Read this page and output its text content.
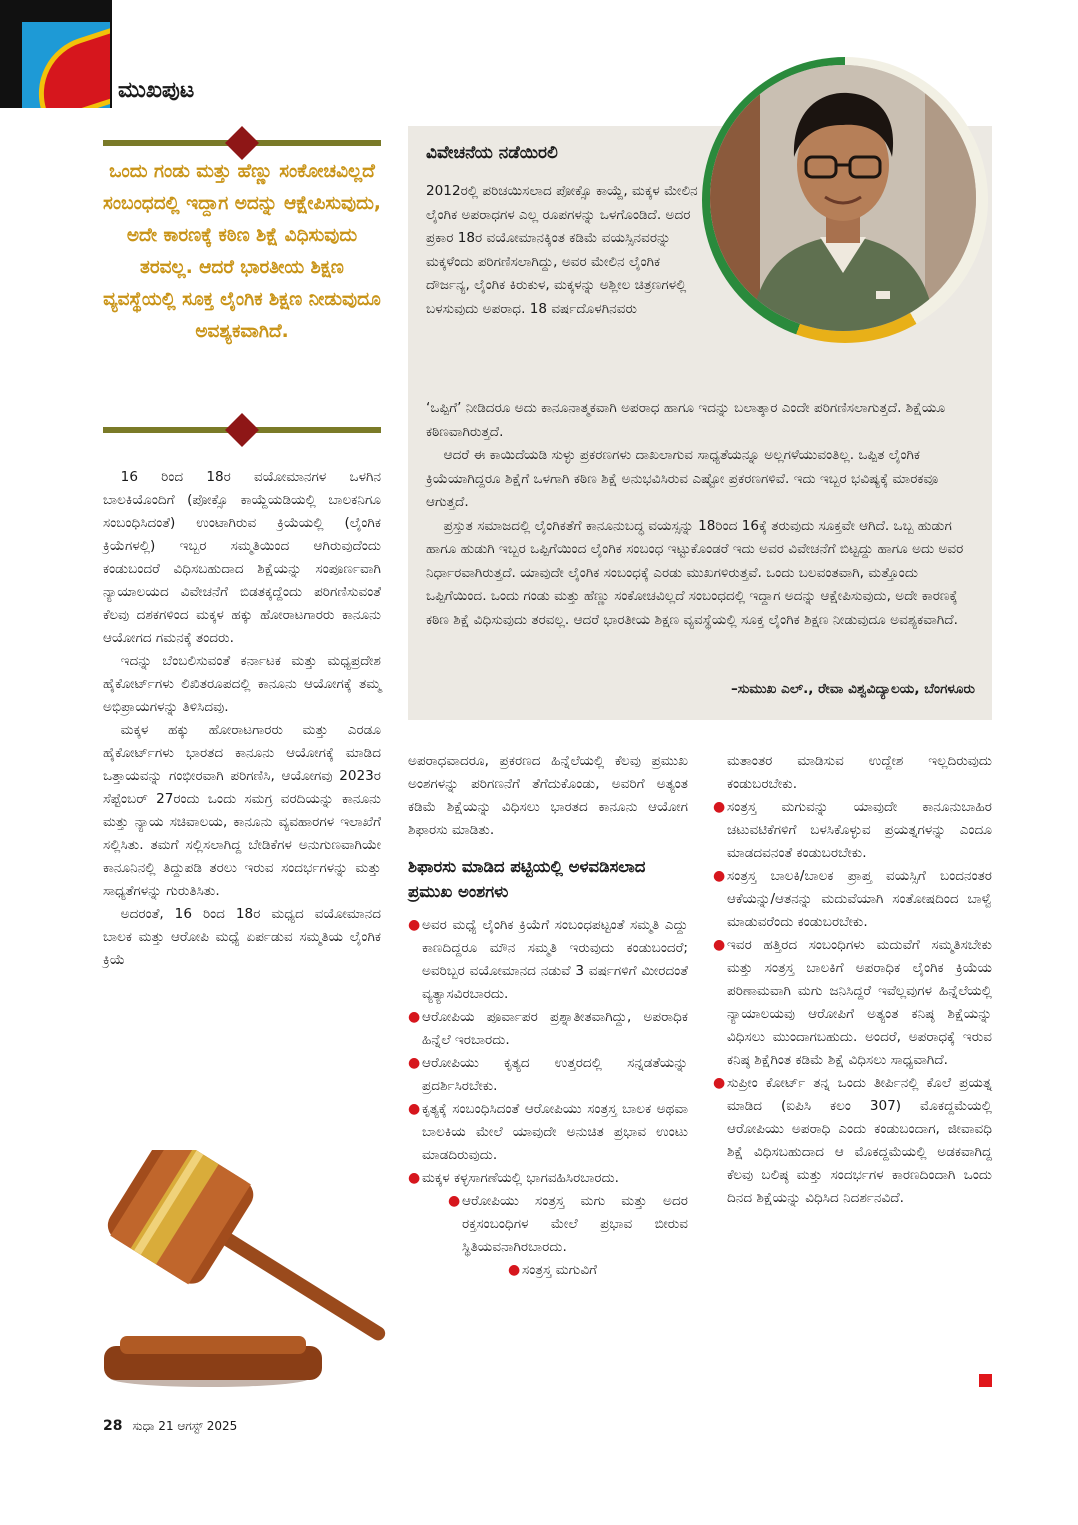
ಮುಖಪುಟ
ಒಂದು ಗಂಡು ಮತ್ತು ಹೆಣ್ಣು ಸಂಕೋಚವಿಲ್ಲದೆ ಸಂಬಂಧದಲ್ಲಿ ಇದ್ದಾಗ ಅದನ್ನು ಆಕ್ಷೇಪಿಸುವುದು, ಅದೇ ಕಾರಣಕ್ಕೆ ಕಠಿಣ ಶಿಕ್ಷೆ ವಿಧಿಸುವುದು ತರವಲ್ಲ. ಆದರೆ ಭಾರತೀಯ ಶಿಕ್ಷಣ ವ್ಯವಸ್ಥೆಯಲ್ಲಿ ಸೂಕ್ತ ಲೈಂಗಿಕ ಶಿಕ್ಷಣ ನೀಡುವುದೂ ಅವಶ್ಯಕವಾಗಿದೆ.

16 ರಿಂದ 18ರ ವಯೋಮಾನಗಳ ಒಳಗಿನ ಬಾಲಕಿಯೊಂದಿಗೆ (ಪೋಕ್ಸೊ ಕಾಯ್ದೆಯಡಿಯಲ್ಲಿ ಬಾಲಕನಿಗೂ ಸಂಬಂಧಿಸಿದಂತೆ) ಉಂಟಾಗಿರುವ ಕ್ರಿಯೆಯಲ್ಲಿ (ಲೈಂಗಿಕ ಕ್ರಿಯೆಗಳಲ್ಲಿ) ಇಬ್ಬರ ಸಮ್ಮತಿಯಿಂದ ಆಗಿರುವುದೆಂದು ಕಂಡುಬಂದರೆ ವಿಧಿಸಬಹುದಾದ ಶಿಕ್ಷೆಯನ್ನು ಸಂಪೂರ್ಣವಾಗಿ ನ್ಯಾಯಾಲಯದ ವಿವೇಚನೆಗೆ ಬಿಡತಕ್ಕದ್ದೆಂದು ಪರಿಗಣಿಸುವಂತೆ ಕೆಲವು ದಶಕಗಳಿಂದ ಮಕ್ಕಳ ಹಕ್ಕು ಹೋರಾಟಗಾರರು ಕಾನೂನು ಆಯೋಗದ ಗಮನಕ್ಕೆ ತಂದರು.

ಇದನ್ನು ಬೆಂಬಲಿಸುವಂತೆ ಕರ್ನಾಟಕ ಮತ್ತು ಮಧ್ಯಪ್ರದೇಶ ಹೈಕೋರ್ಟ್‌ಗಳು ಲಿಖಿತರೂಪದಲ್ಲಿ ಕಾನೂನು ಆಯೋಗಕ್ಕೆ ತಮ್ಮ ಅಭಿಪ್ರಾಯಗಳನ್ನು ತಿಳಿಸಿದವು.

ಮಕ್ಕಳ ಹಕ್ಕು ಹೋರಾಟಗಾರರು ಮತ್ತು ಎರಡೂ ಹೈಕೋರ್ಟ್‌ಗಳು ಭಾರತದ ಕಾನೂನು ಆಯೋಗಕ್ಕೆ ಮಾಡಿದ ಒತ್ತಾಯವನ್ನು ಗಂಭೀರವಾಗಿ ಪರಿಗಣಿಸಿ, ಆಯೋಗವು 2023ರ ಸೆಪ್ಟೆಂಬರ್ 27ರಂದು ಒಂದು ಸಮಗ್ರ ವರದಿಯನ್ನು ಕಾನೂನು ಮತ್ತು ನ್ಯಾಯ ಸಚಿವಾಲಯ, ಕಾನೂನು ವ್ಯವಹಾರಗಳ ಇಲಾಖೆಗೆ ಸಲ್ಲಿಸಿತು. ತಮಗೆ ಸಲ್ಲಿಸಲಾಗಿದ್ದ ಬೇಡಿಕೆಗಳ ಅನುಗುಣವಾಗಿಯೇ ಕಾನೂನಿನಲ್ಲಿ ತಿದ್ದುಪಡಿ ತರಲು ಇರುವ ಸಂದರ್ಭಗಳನ್ನು ಮತ್ತು ಸಾಧ್ಯತೆಗಳನ್ನು ಗುರುತಿಸಿತು.

ಅದರಂತೆ, 16 ರಿಂದ 18ರ ಮಧ್ಯದ ವಯೋಮಾನದ ಬಾಲಕ ಮತ್ತು ಆರೋಪಿ ಮಧ್ಯೆ ಏರ್ಪಡುವ ಸಮ್ಮತಿಯ ಲೈಂಗಿಕ ಕ್ರಿಯೆ

ವಿವೇಚನೆಯ ನಡೆಯಿರಲಿ
2012ರಲ್ಲಿ ಪರಿಚಯಿಸಲಾದ ಪೋಕ್ಸೊ ಕಾಯ್ದೆ, ಮಕ್ಕಳ ಮೇಲಿನ ಲೈಂಗಿಕ ಅಪರಾಧಗಳ ಎಲ್ಲ ರೂಪಗಳನ್ನು ಒಳಗೊಂಡಿದೆ. ಅದರ ಪ್ರಕಾರ 18ರ ವಯೋಮಾನಕ್ಕಿಂತ ಕಡಿಮೆ ವಯಸ್ಸಿನವರನ್ನು ಮಕ್ಕಳೆಂದು ಪರಿಗಣಿಸಲಾಗಿದ್ದು, ಅವರ ಮೇಲಿನ ಲೈಂಗಿಕ ದೌರ್ಜನ್ಯ, ಲೈಂಗಿಕ ಕಿರುಕುಳ, ಮಕ್ಕಳನ್ನು ಅಶ್ಲೀಲ ಚಿತ್ರಣಗಳಲ್ಲಿ ಬಳಸುವುದು ಅಪರಾಧ. 18 ವರ್ಷದೊಳಗಿನವರು

‘ಒಪ್ಪಿಗೆ’ ನೀಡಿದರೂ ಅದು ಕಾನೂನಾತ್ಮಕವಾಗಿ ಅಪರಾಧ ಹಾಗೂ ಇದನ್ನು ಬಲಾತ್ಕಾರ ಎಂದೇ ಪರಿಗಣಿಸಲಾಗುತ್ತದೆ. ಶಿಕ್ಷೆಯೂ ಕಠಿಣವಾಗಿರುತ್ತದೆ.

ಆದರೆ ಈ ಕಾಯಿದೆಯಡಿ ಸುಳ್ಳು ಪ್ರಕರಣಗಳು ದಾಖಲಾಗುವ ಸಾಧ್ಯತೆಯನ್ನೂ ಅಲ್ಲಗಳೆಯುವಂತಿಲ್ಲ. ಒಪ್ಪಿತ ಲೈಂಗಿಕ ಕ್ರಿಯೆಯಾಗಿದ್ದರೂ ಶಿಕ್ಷೆಗೆ ಒಳಗಾಗಿ ಕಠಿಣ ಶಿಕ್ಷೆ ಅನುಭವಿಸಿರುವ ಎಷ್ಟೋ ಪ್ರಕರಣಗಳಿವೆ. ಇದು ಇಬ್ಬರ ಭವಿಷ್ಯಕ್ಕೆ ಮಾರಕವೂ ಆಗುತ್ತದೆ.

ಪ್ರಸ್ತುತ ಸಮಾಜದಲ್ಲಿ ಲೈಂಗಿಕತೆಗೆ ಕಾನೂನುಬದ್ಧ ವಯಸ್ಸನ್ನು 18ರಿಂದ 16ಕ್ಕೆ ತರುವುದು ಸೂಕ್ತವೇ ಆಗಿದೆ. ಒಬ್ಬ ಹುಡುಗ ಹಾಗೂ ಹುಡುಗಿ ಇಬ್ಬರ ಒಪ್ಪಿಗೆಯಿಂದ ಲೈಂಗಿಕ ಸಂಬಂಧ ಇಟ್ಟುಕೊಂಡರೆ ಇದು ಅವರ ವಿವೇಚನೆಗೆ ಬಿಟ್ಟದ್ದು ಹಾಗೂ ಅದು ಅವರ ನಿರ್ಧಾರವಾಗಿರುತ್ತದೆ. ಯಾವುದೇ ಲೈಂಗಿಕ ಸಂಬಂಧಕ್ಕೆ ಎರಡು ಮುಖಗಳಿರುತ್ತವೆ. ಒಂದು ಬಲವಂತವಾಗಿ, ಮತ್ತೊಂದು ಒಪ್ಪಿಗೆಯಿಂದ. ಒಂದು ಗಂಡು ಮತ್ತು ಹೆಣ್ಣು ಸಂಕೋಚವಿಲ್ಲದೆ ಸಂಬಂಧದಲ್ಲಿ ಇದ್ದಾಗ ಅದನ್ನು ಆಕ್ಷೇಪಿಸುವುದು, ಅದೇ ಕಾರಣಕ್ಕೆ ಕಠಿಣ ಶಿಕ್ಷೆ ವಿಧಿಸುವುದು ತರವಲ್ಲ. ಆದರೆ ಭಾರತೀಯ ಶಿಕ್ಷಣ ವ್ಯವಸ್ಥೆಯಲ್ಲಿ ಸೂಕ್ತ ಲೈಂಗಿಕ ಶಿಕ್ಷಣ ನೀಡುವುದೂ ಅವಶ್ಯಕವಾಗಿದೆ.

–ಸುಮುಖ ಎಲ್., ರೇವಾ ವಿಶ್ವವಿದ್ಯಾಲಯ, ಬೆಂಗಳೂರು
ಅಪರಾಧವಾದರೂ, ಪ್ರಕರಣದ ಹಿನ್ನೆಲೆಯಲ್ಲಿ ಕೆಲವು ಪ್ರಮುಖ ಅಂಶಗಳನ್ನು ಪರಿಗಣನೆಗೆ ತೆಗೆದುಕೊಂಡು, ಅವರಿಗೆ ಅತ್ಯಂತ ಕಡಿಮೆ ಶಿಕ್ಷೆಯನ್ನು ವಿಧಿಸಲು ಭಾರತದ ಕಾನೂನು ಆಯೋಗ ಶಿಫಾರಸು ಮಾಡಿತು.
ಶಿಫಾರಸು ಮಾಡಿದ ಪಟ್ಟಿಯಲ್ಲಿ ಅಳವಡಿಸಲಾದ ಪ್ರಮುಖ ಅಂಶಗಳು
● ಅವರ ಮಧ್ಯೆ ಲೈಂಗಿಕ ಕ್ರಿಯೆಗೆ ಸಂಬಂಧಪಟ್ಟಂತೆ ಸಮ್ಮತಿ ಎದ್ದು ಕಾಣದಿದ್ದರೂ ಮೌನ ಸಮ್ಮತಿ ಇರುವುದು ಕಂಡುಬಂದರೆ; ಅವರಿಬ್ಬರ ವಯೋಮಾನದ ನಡುವೆ 3 ವರ್ಷಗಳಿಗೆ ಮೀರದಂತೆ ವ್ಯತ್ಯಾಸವಿರಬಾರದು.
● ಆರೋಪಿಯ ಪೂರ್ವಾಪರ ಪ್ರಶ್ನಾತೀತವಾಗಿದ್ದು, ಅಪರಾಧಿಕ ಹಿನ್ನೆಲೆ ಇರಬಾರದು.
● ಆರೋಪಿಯು ಕೃತ್ಯದ ಉತ್ತರದಲ್ಲಿ ಸನ್ನಡತೆಯನ್ನು ಪ್ರದರ್ಶಿಸಿರಬೇಕು.
● ಕೃತ್ಯಕ್ಕೆ ಸಂಬಂಧಿಸಿದಂತೆ ಆರೋಪಿಯು ಸಂತ್ರಸ್ತ ಬಾಲಕ ಅಥವಾ ಬಾಲಕಿಯ ಮೇಲೆ ಯಾವುದೇ ಅನುಚಿತ ಪ್ರಭಾವ ಉಂಟು ಮಾಡದಿರುವುದು.
● ಮಕ್ಕಳ ಕಳ್ಳಸಾಗಣೆಯಲ್ಲಿ ಭಾಗವಹಿಸಿರಬಾರದು.
● ಆರೋಪಿಯು ಸಂತ್ರಸ್ತ ಮಗು ಮತ್ತು ಅದರ ರಕ್ತಸಂಬಂಧಿಗಳ ಮೇಲೆ ಪ್ರಭಾವ ಬೀರುವ ಸ್ಥಿತಿಯವನಾಗಿರಬಾರದು.
● ಸಂತ್ರಸ್ತ ಮಗುವಿಗೆ
ಮತಾಂತರ ಮಾಡಿಸುವ ಉದ್ದೇಶ ಇಲ್ಲದಿರುವುದು ಕಂಡುಬರಬೇಕು.
● ಸಂತ್ರಸ್ತ ಮಗುವನ್ನು ಯಾವುದೇ ಕಾನೂನುಬಾಹಿರ ಚಟುವಟಿಕೆಗಳಿಗೆ ಬಳಸಿಕೊಳ್ಳುವ ಪ್ರಯತ್ನಗಳನ್ನು ಎಂದೂ ಮಾಡದವನಂತೆ ಕಂಡುಬರಬೇಕು.
● ಸಂತ್ರಸ್ತ ಬಾಲಕಿ/ಬಾಲಕ ಪ್ರಾಪ್ತ ವಯಸ್ಸಿಗೆ ಬಂದನಂತರ ಆಕೆಯನ್ನು/ಆತನನ್ನು ಮದುವೆಯಾಗಿ ಸಂತೋಷದಿಂದ ಬಾಳ್ವೆ ಮಾಡುವರೆಂದು ಕಂಡುಬರಬೇಕು.
● ಇವರ ಹತ್ತಿರದ ಸಂಬಂಧಿಗಳು ಮದುವೆಗೆ ಸಮ್ಮತಿಸಬೇಕು ಮತ್ತು ಸಂತ್ರಸ್ತ ಬಾಲಕಿಗೆ ಅಪರಾಧಿಕ ಲೈಂಗಿಕ ಕ್ರಿಯೆಯ ಪರಿಣಾಮವಾಗಿ ಮಗು ಜನಿಸಿದ್ದರೆ ಇವೆಲ್ಲವುಗಳ ಹಿನ್ನೆಲೆಯಲ್ಲಿ ನ್ಯಾಯಾಲಯವು ಆರೋಪಿಗೆ ಅತ್ಯಂತ ಕನಿಷ್ಠ ಶಿಕ್ಷೆಯನ್ನು ವಿಧಿಸಲು ಮುಂದಾಗಬಹುದು. ಅಂದರೆ, ಅಪರಾಧಕ್ಕೆ ಇರುವ ಕನಿಷ್ಠ ಶಿಕ್ಷೆಗಿಂತ ಕಡಿಮೆ ಶಿಕ್ಷೆ ವಿಧಿಸಲು ಸಾಧ್ಯವಾಗಿದೆ.
● ಸುಪ್ರೀಂ ಕೋರ್ಟ್ ತನ್ನ ಒಂದು ತೀರ್ಪಿನಲ್ಲಿ ಕೊಲೆ ಪ್ರಯತ್ನ ಮಾಡಿದ (ಐಪಿಸಿ ಕಲಂ 307) ಮೊಕದ್ದಮೆಯಲ್ಲಿ ಆರೋಪಿಯು ಅಪರಾಧಿ ಎಂದು ಕಂಡುಬಂದಾಗ, ಜೀವಾವಧಿ ಶಿಕ್ಷೆ ವಿಧಿಸಬಹುದಾದ ಆ ಮೊಕದ್ದಮೆಯಲ್ಲಿ ಅಡಕವಾಗಿದ್ದ ಕೆಲವು ಬಲಿಷ್ಠ ಮತ್ತು ಸಂದರ್ಭಗಳ ಕಾರಣದಿಂದಾಗಿ ಒಂದು ದಿನದ ಶಿಕ್ಷೆಯನ್ನು ವಿಧಿಸಿದ ನಿದರ್ಶನವಿದೆ.
28 ಸುಧಾ 21 ಆಗಸ್ಟ್ 2025
